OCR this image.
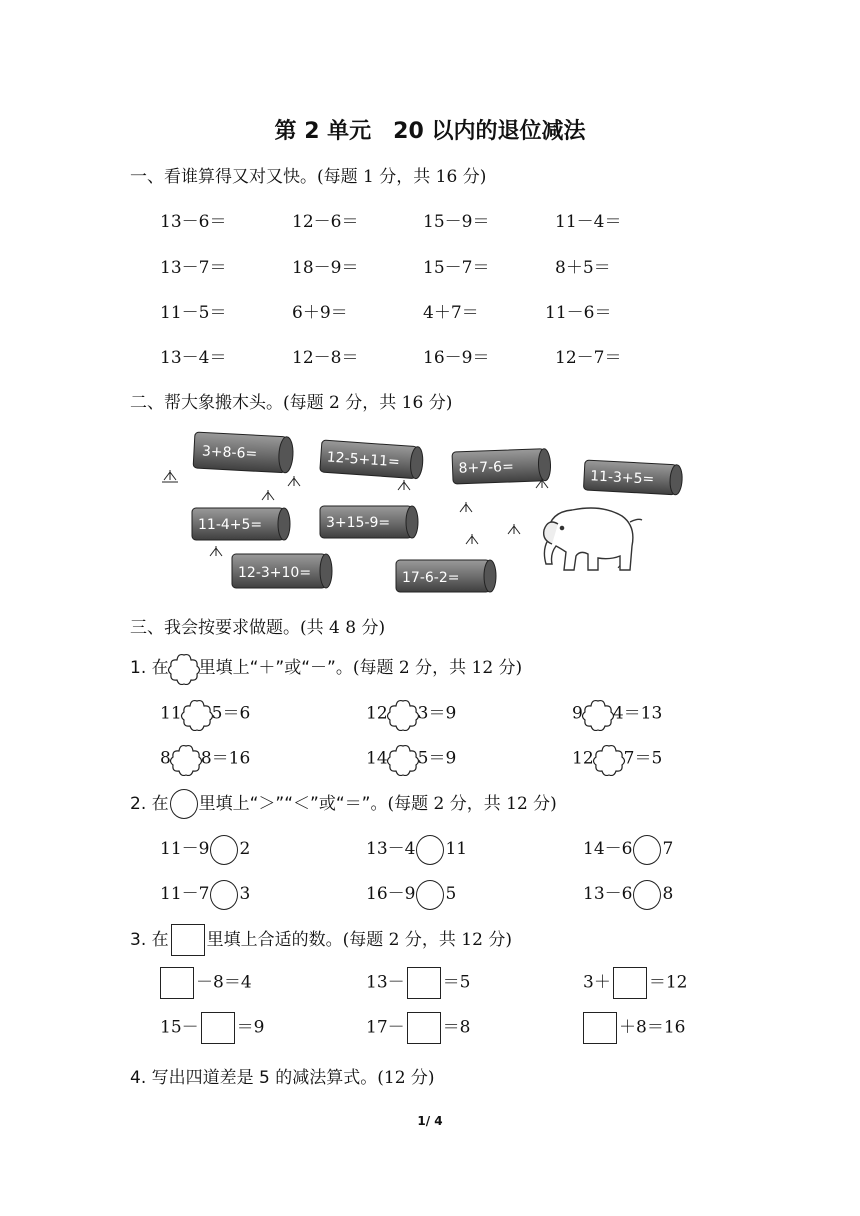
第 2 单元　20 以内的退位减法
一、看谁算得又对又快。(每题 1 分，共 16 分)
13－6＝	12－6＝	15－9＝	11－4＝
13－7＝	18－9＝	15－7＝	8＋5＝
11－5＝	6＋9＝	4＋7＝	11－6＝
13－4＝	12－8＝	16－9＝	12－7＝
二、帮大象搬木头。(每题 2 分，共 16 分)
3+8-6=	12-5+11=	8+7-6=
11-3+5=
11-4+5=	3+15-9=
12-3+10=	17-6-2=
三、我会按要求做题。(共 4 8 分)
1. 在 里填上“＋”或“－”。(每题 2 分，共 12 分)
11 5＝6	12 3＝9	9 4＝13
8 8＝16	14 5＝9	12 7＝5
2. 在 里填上“＞”“＜”或“＝”。(每题 2 分，共 12 分)
11－9 2	13－4 11	14－6 7
11－7 3	16－9 5	13－6 8
3. 在 里填上合适的数。(每题 2 分，共 12 分)
－8＝4	13－ ＝5	3＋ ＝12
15－ ＝9	17－ ＝8	＋8＝16
4. 写出四道差是 5 的减法算式。(12 分)
1/ 4
